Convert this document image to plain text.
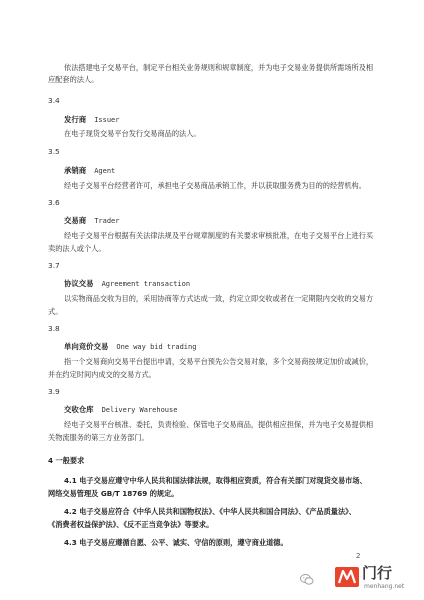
依法搭建电子交易平台，制定平台相关业务规则和规章制度，并为电子交易业务提供所需场所及相
应配套的法人。
3.4
发行商 Issuer
在电子现货交易平台发行交易商品的法人。
3.5
承销商 Agent
经电子交易平台经营者许可，承担电子交易商品承销工作，并以获取服务费为目的的经营机构。
3.6
交易商 Trader
经电子交易平台根据有关法律法规及平台规章制度的有关要求审核批准，在电子交易平台上进行买
卖的法人或个人。
3.7
协议交易 Agreement transaction
以实物商品交收为目的，采用协商等方式达成一致，约定立即交收或者在一定期限内交收的交易方
式。
3.8
单向竞价交易 One way bid trading
指一个交易商向交易平台提出申请，交易平台预先公告交易对象，多个交易商按规定加价或减价，
并在约定时间内成交的交易方式。
3.9
交收仓库 Delivery Warehouse
经电子交易平台核准、委托，负责检验、保管电子交易商品，提供相应担保，并为电子交易提供相
关物流服务的第三方业务部门。
4 一般要求
4.1 电子交易应遵守中华人民共和国法律法规，取得相应资质，符合有关部门对现货交易市场、
网络交易管理及 GB/T 18769 的规定。
4.2 电子交易应符合《中华人民共和国物权法》、《中华人民共和国合同法》、《产品质量法》、
《消费者权益保护法》、《反不正当竞争法》等要求。
4.3 电子交易应遵循自愿、公平、诚实、守信的原则，遵守商业道德。
2
门行
menhang.net
